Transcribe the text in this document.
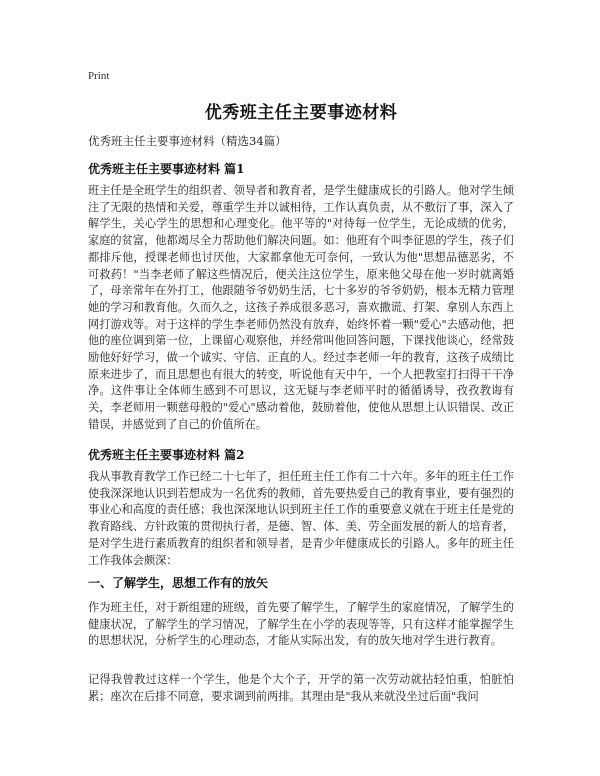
Print
优秀班主任主要事迹材料
优秀班主任主要事迹材料（精选34篇）
优秀班主任主要事迹材料 篇1
班主任是全班学生的组织者、领导者和教育者，是学生健康成长的引路人。他对学生倾注了无限的热情和关爱，尊重学生并以诚相待，工作认真负责，从不敷衍了事，深入了解学生，关心学生的思想和心理变化。他平等的"对待每一位学生，无论成绩的优劣，家庭的贫富，他都竭尽全力帮助他们解决问题。如：他班有个叫李征恩的学生，孩子们都排斥他，授课老师也讨厌他，大家都拿他无可奈何，一致认为他"思想品德恶劣，不可救药！"当李老师了解这些情况后，便关注这位学生，原来他父母在他一岁时就离婚了，母亲常年在外打工，他跟随爷爷奶奶生活，七十多岁的爷爷奶奶，根本无精力管理她的学习和教育他。久而久之，这孩子养成很多恶习，喜欢撒谎、打架、拿别人东西上网打游戏等。对于这样的学生李老师仍然没有放弃，始终怀着一颗"爱心"去感动他，把他的座位调到第一位，上课留心观察他，并经常叫他回答问题，下课找他谈心，经常鼓励他好好学习，做一个诚实、守信、正直的人。经过李老师一年的教育，这孩子成绩比原来进步了，而且思想也有很大的转变，听说他有天中午，一个人把教室打扫得干干净净。这件事让全体师生感到不可思议，这无疑与李老师平时的循循诱导，孜孜教诲有关，李老师用一颗慈母般的"爱心"感动着他，鼓励着他，使他从思想上认识错误、改正错误，并感觉到了自己的价值所在。
优秀班主任主要事迹材料 篇2
我从事教育教学工作已经二十七年了，担任班主任工作有二十六年。多年的班主任工作使我深深地认识到若想成为一名优秀的教师，首先要热爱自己的教育事业，要有强烈的事业心和高度的责任感；我也深深地认识到班主任工作的重要意义就在于班主任是党的教育路线、方针政策的贯彻执行者，是德、智、体、美、劳全面发展的新人的培育者，是对学生进行素质教育的组织者和领导者，是青少年健康成长的引路人。多年的班主任工作我体会颇深：
一、了解学生，思想工作有的放矢
作为班主任，对于新组建的班级，首先要了解学生，了解学生的家庭情况，了解学生的健康状况，了解学生的学习情况，了解学生在小学的表现等等，只有这样才能掌握学生的思想状况，分析学生的心理动态，才能从实际出发，有的放矢地对学生进行教育。
记得我曾教过这样一个学生，他是个大个子，开学的第一次劳动就拈轻怕重，怕脏怕累；座次在后排不同意，要求调到前两排。其理由是"我从来就没坐过后面"我问
